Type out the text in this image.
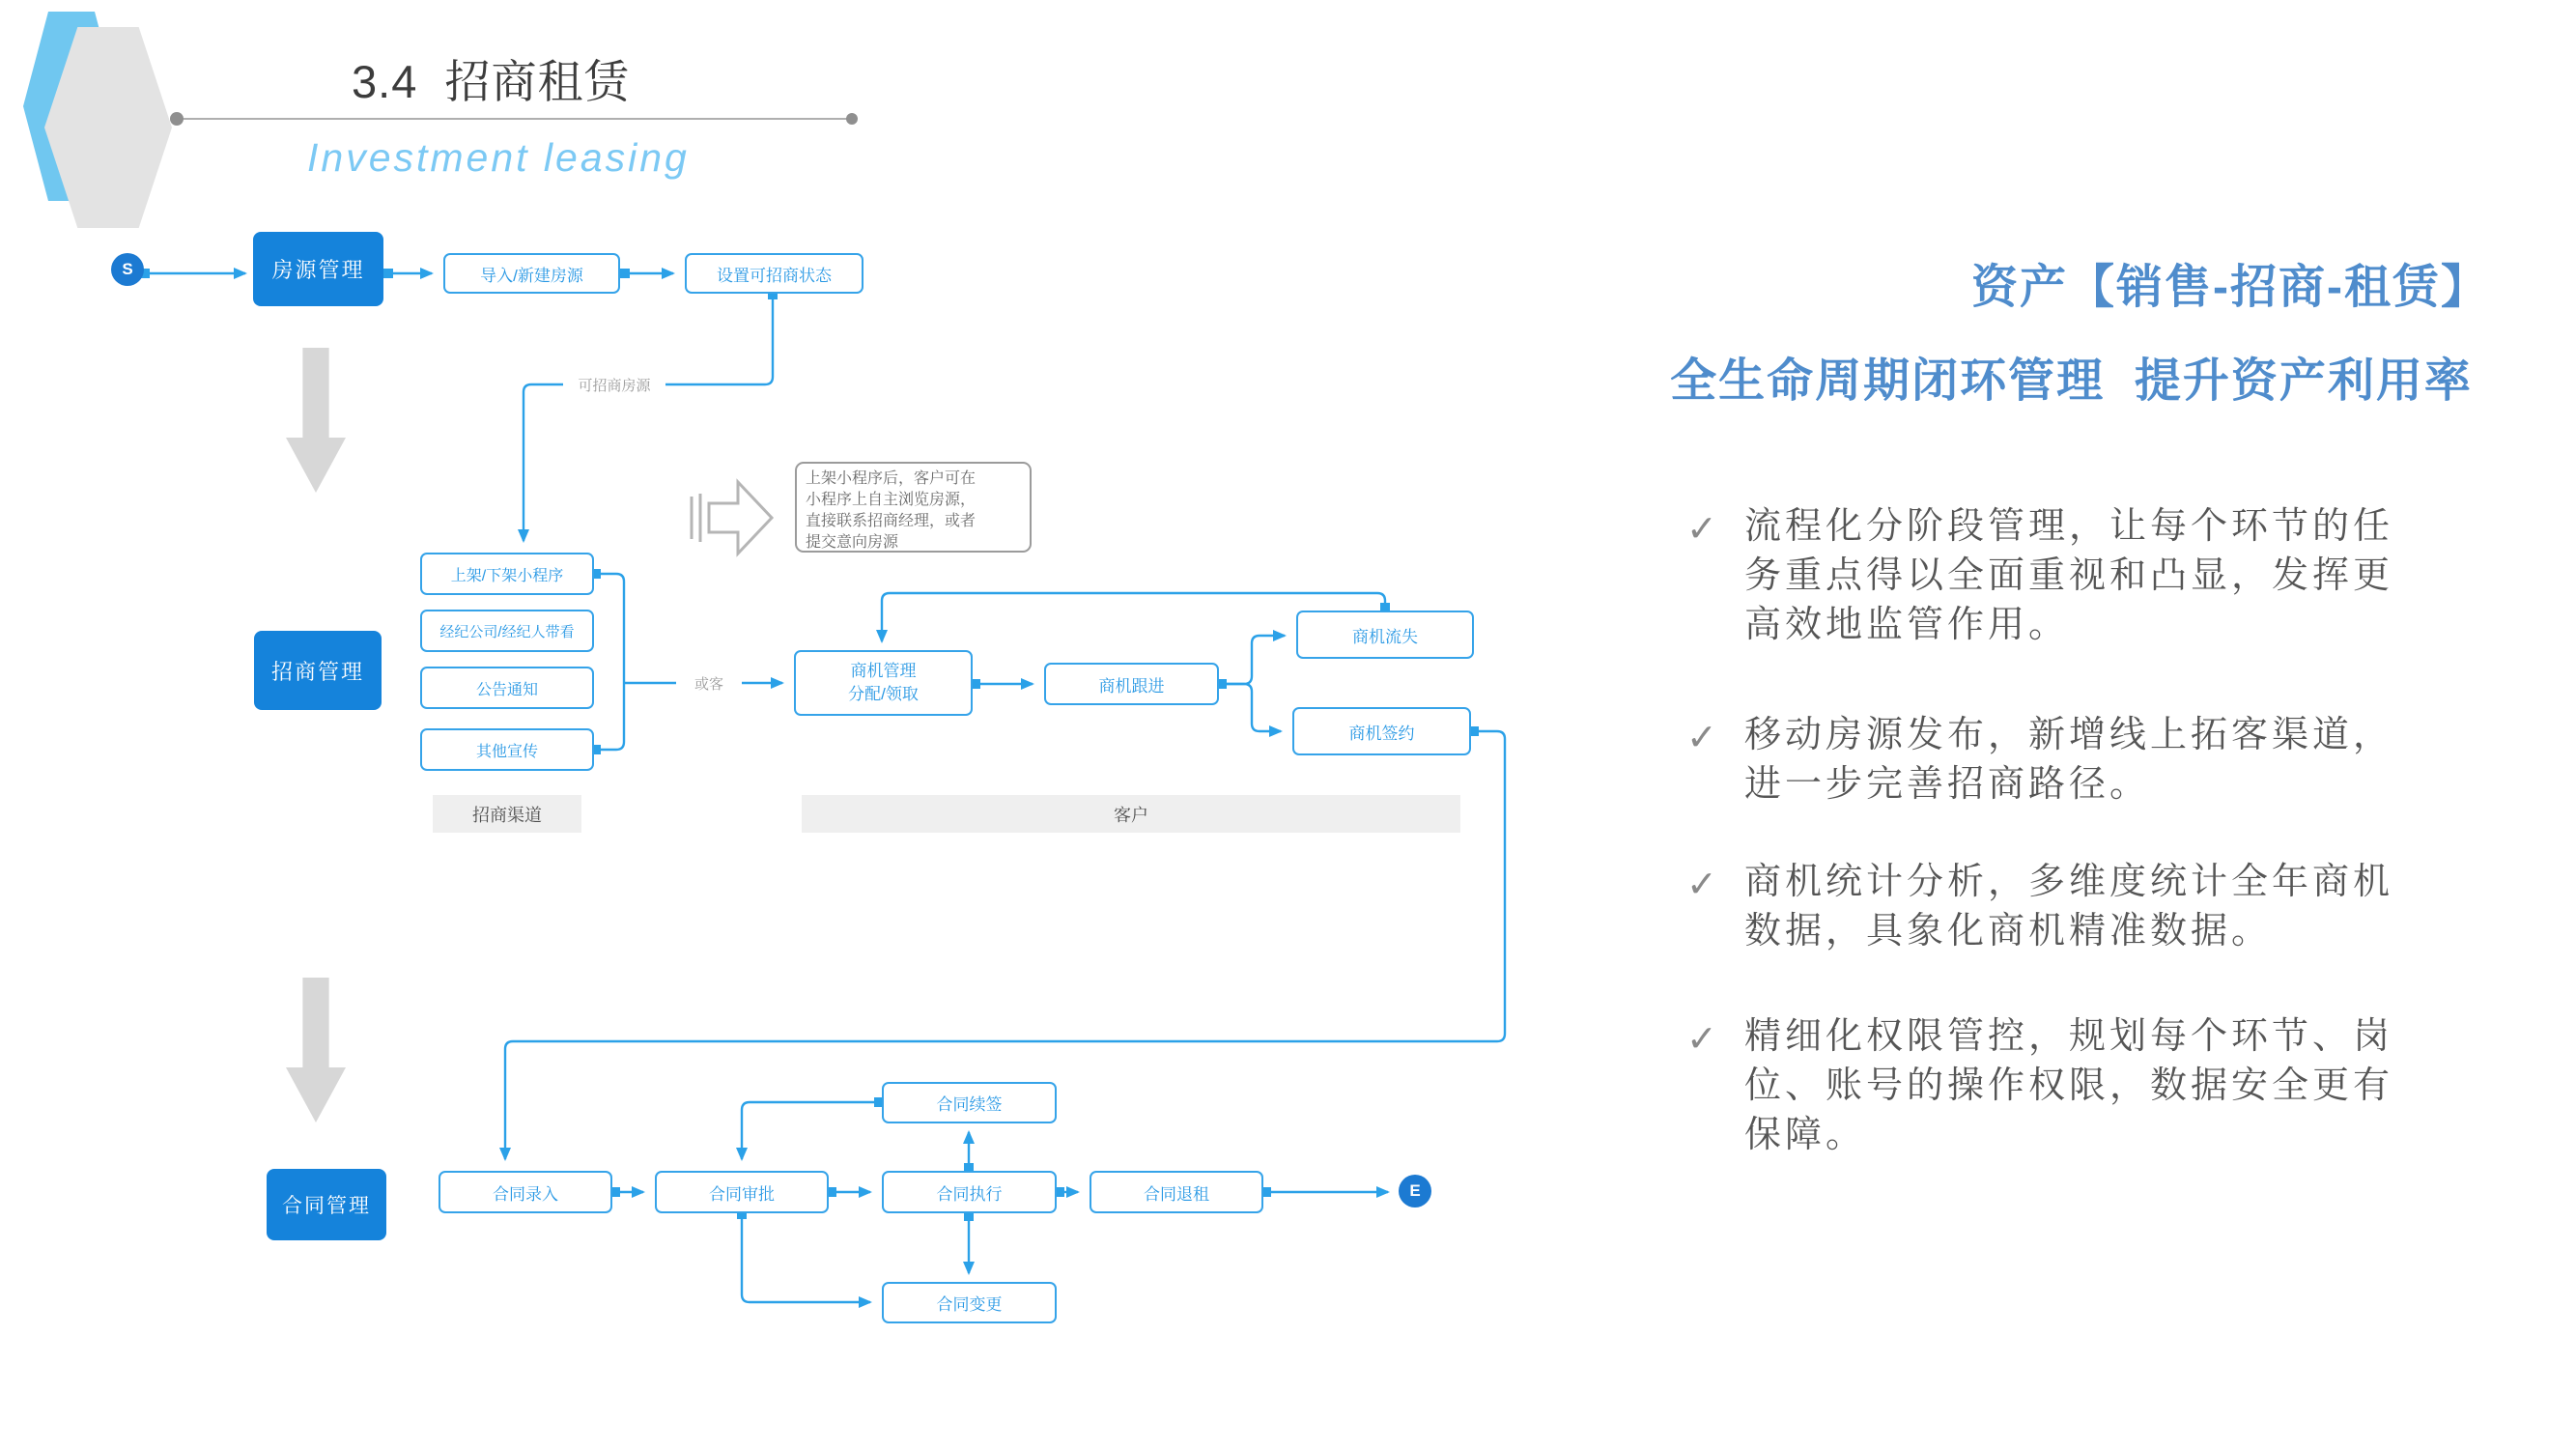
3.4  招商租赁
Investment leasing
S	房源管理	导入/新建房源	设置可招商状态
可招商房源
上架小程序后，客户可在
小程序上自主浏览房源，
直接联系招商经理，或者
提交意向房源
招商管理
上架/下架小程序
经纪公司/经纪人带看
公告通知
其他宣传
招商渠道
或客
商机管理
分配/领取	商机跟进
商机流失
商机签约
客户
合同管理
合同录入	合同审批	合同执行	合同退租
合同续签
合同变更
E
资产【销售-招商-租赁】
全生命周期闭环管理  提升资产利用率
✓ 流程化分阶段管理，让每个环节的任
务重点得以全面重视和凸显，发挥更
高效地监管作用。
✓ 移动房源发布，新增线上拓客渠道，
进一步完善招商路径。
✓ 商机统计分析，多维度统计全年商机
数据，具象化商机精准数据。
✓ 精细化权限管控，规划每个环节、岗
位、账号的操作权限，数据安全更有
保障。
